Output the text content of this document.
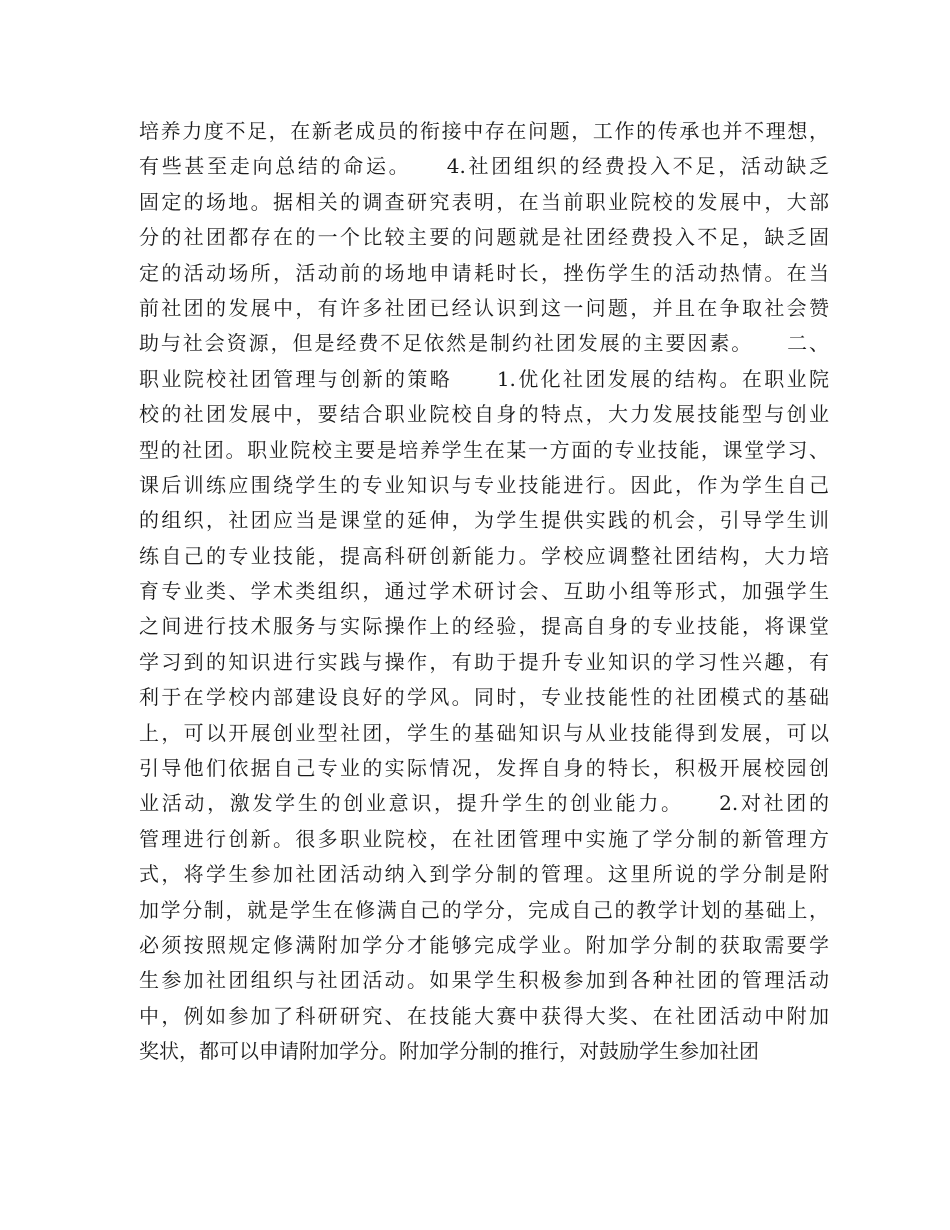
培养力度不足，在新老成员的衔接中存在问题，工作的传承也并不理想，
有些甚至走向总结的命运。　　4.社团组织的经费投入不足，活动缺乏
固定的场地。据相关的调查研究表明，在当前职业院校的发展中，大部
分的社团都存在的一个比较主要的问题就是社团经费投入不足，缺乏固
定的活动场所，活动前的场地申请耗时长，挫伤学生的活动热情。在当
前社团的发展中，有许多社团已经认识到这一问题，并且在争取社会赞
助与社会资源，但是经费不足依然是制约社团发展的主要因素。　　二、
职业院校社团管理与创新的策略　　1.优化社团发展的结构。在职业院
校的社团发展中，要结合职业院校自身的特点，大力发展技能型与创业
型的社团。职业院校主要是培养学生在某一方面的专业技能，课堂学习、
课后训练应围绕学生的专业知识与专业技能进行。因此，作为学生自己
的组织，社团应当是课堂的延伸，为学生提供实践的机会，引导学生训
练自己的专业技能，提高科研创新能力。学校应调整社团结构，大力培
育专业类、学术类组织，通过学术研讨会、互助小组等形式，加强学生
之间进行技术服务与实际操作上的经验，提高自身的专业技能，将课堂
学习到的知识进行实践与操作，有助于提升专业知识的学习性兴趣，有
利于在学校内部建设良好的学风。同时，专业技能性的社团模式的基础
上，可以开展创业型社团，学生的基础知识与从业技能得到发展，可以
引导他们依据自己专业的实际情况，发挥自身的特长，积极开展校园创
业活动，激发学生的创业意识，提升学生的创业能力。　　2.对社团的
管理进行创新。很多职业院校，在社团管理中实施了学分制的新管理方
式，将学生参加社团活动纳入到学分制的管理。这里所说的学分制是附
加学分制，就是学生在修满自己的学分，完成自己的教学计划的基础上，
必须按照规定修满附加学分才能够完成学业。附加学分制的获取需要学
生参加社团组织与社团活动。如果学生积极参加到各种社团的管理活动
中，例如参加了科研研究、在技能大赛中获得大奖、在社团活动中附加
奖状，都可以申请附加学分。附加学分制的推行，对鼓励学生参加社团
